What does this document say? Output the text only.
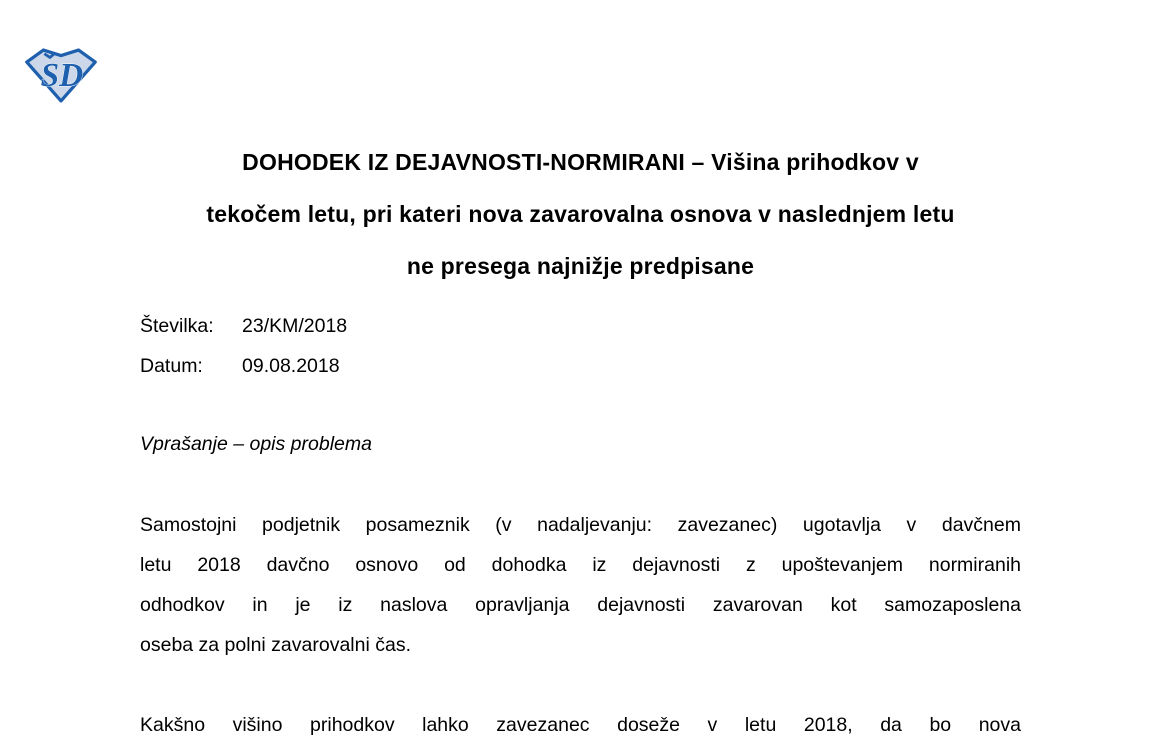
SD
DOHODEK IZ DEJAVNOSTI-NORMIRANI – Višina prihodkov v
tekočem letu, pri kateri nova zavarovalna osnova v naslednjem letu
ne presega najnižje predpisane
Številka: 23/KM/2018
Datum: 09.08.2018
Vprašanje – opis problema
Samostojni podjetnik posameznik (v nadaljevanju: zavezanec) ugotavlja v davčnem
letu 2018 davčno osnovo od dohodka iz dejavnosti z upoštevanjem normiranih
odhodkov in je iz naslova opravljanja dejavnosti zavarovan kot samozaposlena
oseba za polni zavarovalni čas.
Kakšno višino prihodkov lahko zavezanec doseže v letu 2018, da bo nova
